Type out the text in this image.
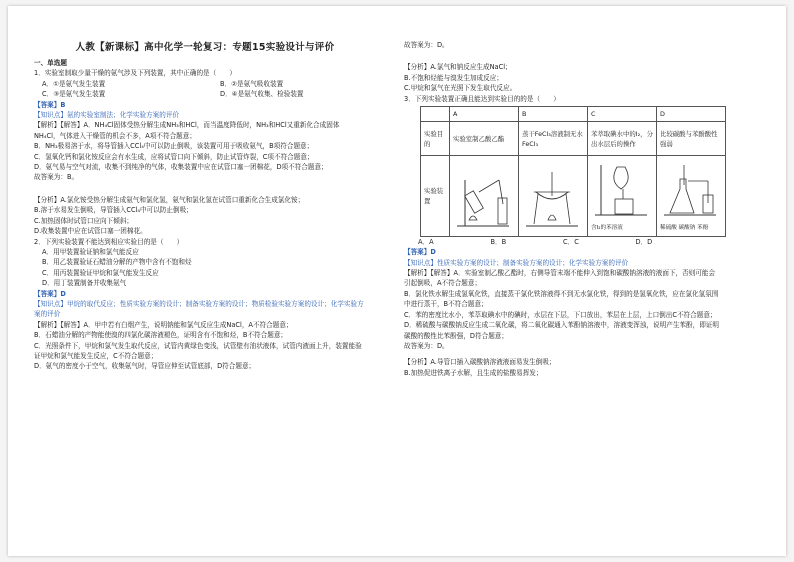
人教【新课标】高中化学一轮复习：专题15实验设计与评价
一、单选题
1．实验室制取少量干燥的氨气涉及下列装置，其中正确的是（　　）
A．①是氨气发生装置	B．②是氨气吸收装置
C．③是氨气发生装置	D．④是氨气收集、检验装置
【答案】B
【知识点】氨的实验室制法；化学实验方案的评价
【解析】【解答】A．NH₄Cl固体受热分解生成NH₃和HCl，而当温度降低时，NH₃和HCl又重新化合成固体
NH₄Cl，气体进入干燥管的机会不多，A项不符合题意；
B．NH₃极易溶于水，将导管插入CCl₄中可以防止倒吸，该装置可用于吸收氨气，B项符合题意；
C．氢氧化钙和氯化铵反应会有水生成，应将试管口向下倾斜，防止试管炸裂，C项不符合题意；
D．氨气易与空气对流，收集不到纯净的气体，收集装置中应在试管口塞一团棉花，D项不符合题意；
故答案为：B。
【分析】A.氯化铵受热分解生成氨气和氯化氢，氨气和氯化氢在试管口重新化合生成氯化铵；
B.溶于水易发生倒吸，导管插入CCl₄中可以防止倒吸；
C.加热固体时试管口应向下倾斜；
D.收集装置中应在试管口塞一团棉花。
2．下列实验装置不能达到相应实验目的是（　　）
A．用甲装置验证钠和氯气能反应
B．用乙装置验证石蜡油分解的产物中含有不饱和烃
C．用丙装置验证甲烷和氯气能发生反应
D．用丁装置制备并收集氨气
【答案】D
【知识点】甲烷的取代反应；性质实验方案的设计；制备实验方案的设计；物质检验实验方案的设计；化学实验方
案的评价
【解析】【解答】A．甲中若有白烟产生，说明钠能和氯气反应生成NaCl，A不符合题意；
B．石蜡油分解的产物能使溴的四氯化碳溶液褪色，证明含有不饱和烃，B不符合题意；
C．光照条件下，甲烷和氯气发生取代反应，试管内黄绿色变浅，试管壁有油状液体，试管内液面上升，装置能验
证甲烷和氯气能发生反应，C不符合题意；
D．氨气的密度小于空气，收集氨气时，导管应伸至试管底部，D符合题意；
故答案为：D。
【分析】A.氯气和钠反应生成NaCl；
B.不饱和烃能与溴发生加成反应；
C.甲烷和氯气在光照下发生取代反应。
3．下列实验装置正确且能达到实验目的的是（　　）
	A	B	C	D
实验目的	实验室制乙酸乙酯	蒸干FeCl₃溶液制无水FeCl₃	苯萃取碘水中的I₂，分出水层后的操作	比较碳酸与苯酚酸性强弱
实验装置			含I₂的苯溶液	稀硫酸 碳酸钠 苯酚
A．A	B．B	C．C	D．D
【答案】D
【知识点】性质实验方案的设计；制备实验方案的设计；化学实验方案的评价
【解析】【解答】A．实验室制乙酸乙酯时，右侧导管末端不能伸入到饱和碳酸钠溶液的液面下，否则可能会
引起倒吸，A不符合题意；
B．氯化铁水解生成氢氧化铁，直接蒸干氯化铁溶液得不到无水氯化铁，得到的是氢氧化铁，应在氯化氢氛围
中进行蒸干，B不符合题意；
C．苯的密度比水小，苯萃取碘水中的碘时，水层在下层，下口放出，苯层在上层，上口倒出C不符合题意；
D．稀硫酸与碳酸钠反应生成二氧化碳，将二氧化碳通入苯酚钠溶液中，溶液变浑浊，说明产生苯酚，即证明
碳酸的酸性比苯酚强，D符合题意；
故答案为：D。
【分析】A.导管口插入碳酸钠溶液液面易发生倒吸；
B.加热促进铁离子水解，且生成的盐酸易挥发；
